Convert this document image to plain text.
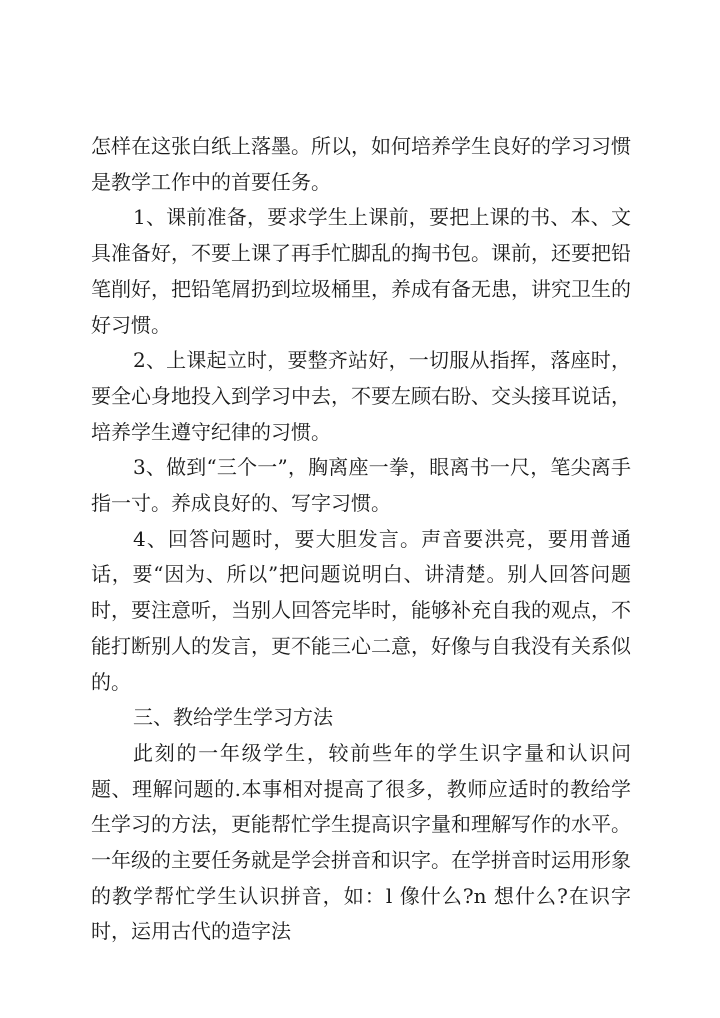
怎样在这张白纸上落墨。所以，如何培养学生良好的学习习惯是教学工作中的首要任务。

1、课前准备，要求学生上课前，要把上课的书、本、文具准备好，不要上课了再手忙脚乱的掏书包。课前，还要把铅笔削好，把铅笔屑扔到垃圾桶里，养成有备无患，讲究卫生的好习惯。

2、上课起立时，要整齐站好，一切服从指挥，落座时，要全心身地投入到学习中去，不要左顾右盼、交头接耳说话，培养学生遵守纪律的习惯。

3、做到“三个一”，胸离座一拳，眼离书一尺，笔尖离手指一寸。养成良好的、写字习惯。

4、回答问题时，要大胆发言。声音要洪亮，要用普通话，要“因为、所以”把问题说明白、讲清楚。别人回答问题时，要注意听，当别人回答完毕时，能够补充自我的观点，不能打断别人的发言，更不能三心二意，好像与自我没有关系似的。

三、教给学生学习方法

此刻的一年级学生，较前些年的学生识字量和认识问题、理解问题的.本事相对提高了很多，教师应适时的教给学生学习的方法，更能帮忙学生提高识字量和理解写作的水平。一年级的主要任务就是学会拼音和识字。在学拼音时运用形象的教学帮忙学生认识拼音，如：l 像什么?n 想什么?在识字时，运用古代的造字法
